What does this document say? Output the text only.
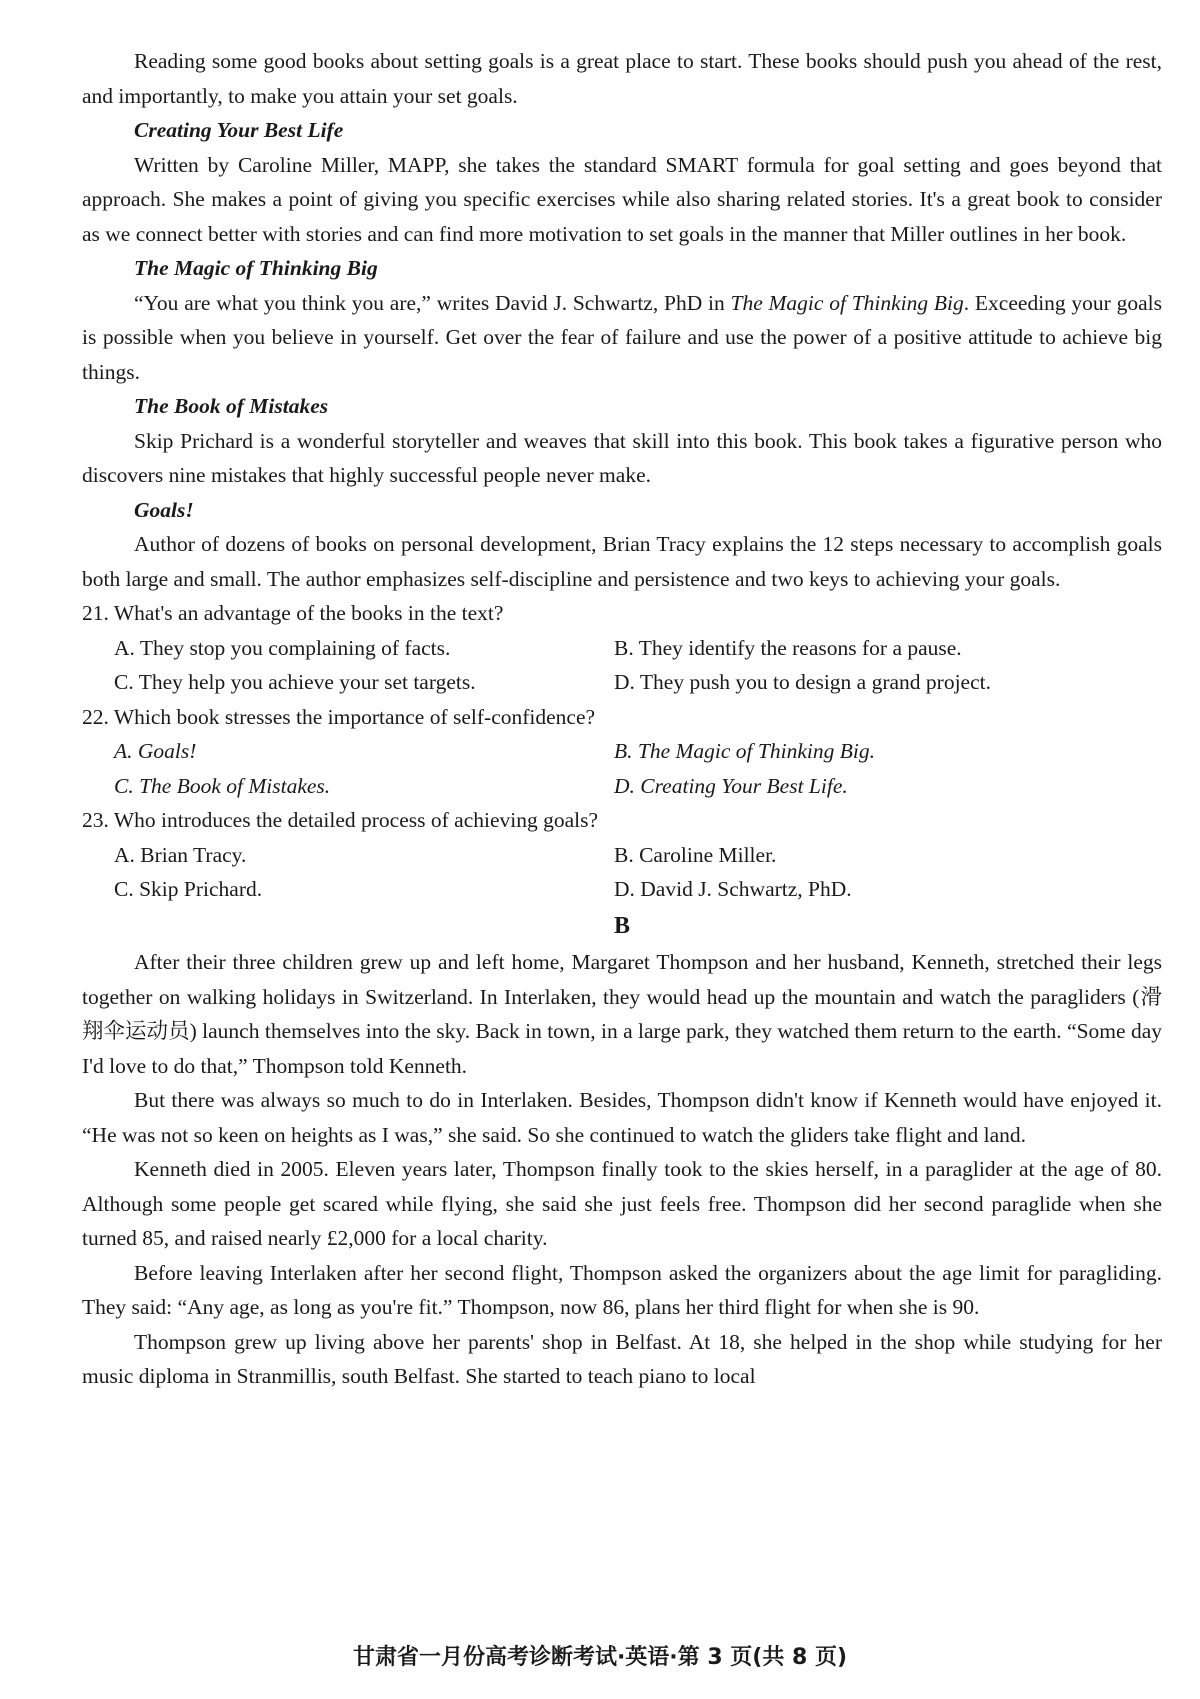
Reading some good books about setting goals is a great place to start. These books should push you ahead of the rest, and importantly, to make you attain your set goals.

Creating Your Best Life

Written by Caroline Miller, MAPP, she takes the standard SMART formula for goal setting and goes beyond that approach. She makes a point of giving you specific exercises while also sharing related stories. It's a great book to consider as we connect better with stories and can find more motivation to set goals in the manner that Miller outlines in her book.

The Magic of Thinking Big

“You are what you think you are,” writes David J. Schwartz, PhD in The Magic of Thinking Big. Exceeding your goals is possible when you believe in yourself. Get over the fear of failure and use the power of a positive attitude to achieve big things.

The Book of Mistakes

Skip Prichard is a wonderful storyteller and weaves that skill into this book. This book takes a figurative person who discovers nine mistakes that highly successful people never make.

Goals!

Author of dozens of books on personal development, Brian Tracy explains the 12 steps necessary to accomplish goals both large and small. The author emphasizes self-discipline and persistence and two keys to achieving your goals.

21. What's an advantage of the books in the text?

A. They stop you complaining of facts.	B. They identify the reasons for a pause.
C. They help you achieve your set targets.	D. They push you to design a grand project.

22. Which book stresses the importance of self-confidence?

A. Goals!	B. The Magic of Thinking Big.
C. The Book of Mistakes.	D. Creating Your Best Life.

23. Who introduces the detailed process of achieving goals?

A. Brian Tracy.	B. Caroline Miller.
C. Skip Prichard.	D. David J. Schwartz, PhD.
B

After their three children grew up and left home, Margaret Thompson and her husband, Kenneth, stretched their legs together on walking holidays in Switzerland. In Interlaken, they would head up the mountain and watch the paragliders (滑翔伞运动员) launch themselves into the sky. Back in town, in a large park, they watched them return to the earth. “Some day I'd love to do that,” Thompson told Kenneth.

But there was always so much to do in Interlaken. Besides, Thompson didn't know if Kenneth would have enjoyed it. “He was not so keen on heights as I was,” she said. So she continued to watch the gliders take flight and land.

Kenneth died in 2005. Eleven years later, Thompson finally took to the skies herself, in a paraglider at the age of 80. Although some people get scared while flying, she said she just feels free. Thompson did her second paraglide when she turned 85, and raised nearly £2,000 for a local charity.

Before leaving Interlaken after her second flight, Thompson asked the organizers about the age limit for paragliding. They said: “Any age, as long as you're fit.” Thompson, now 86, plans her third flight for when she is 90.

Thompson grew up living above her parents' shop in Belfast. At 18, she helped in the shop while studying for her music diploma in Stranmillis, south Belfast. She started to teach piano to local

甘肃省一月份高考诊断考试·英语·第 3 页(共 8 页)
